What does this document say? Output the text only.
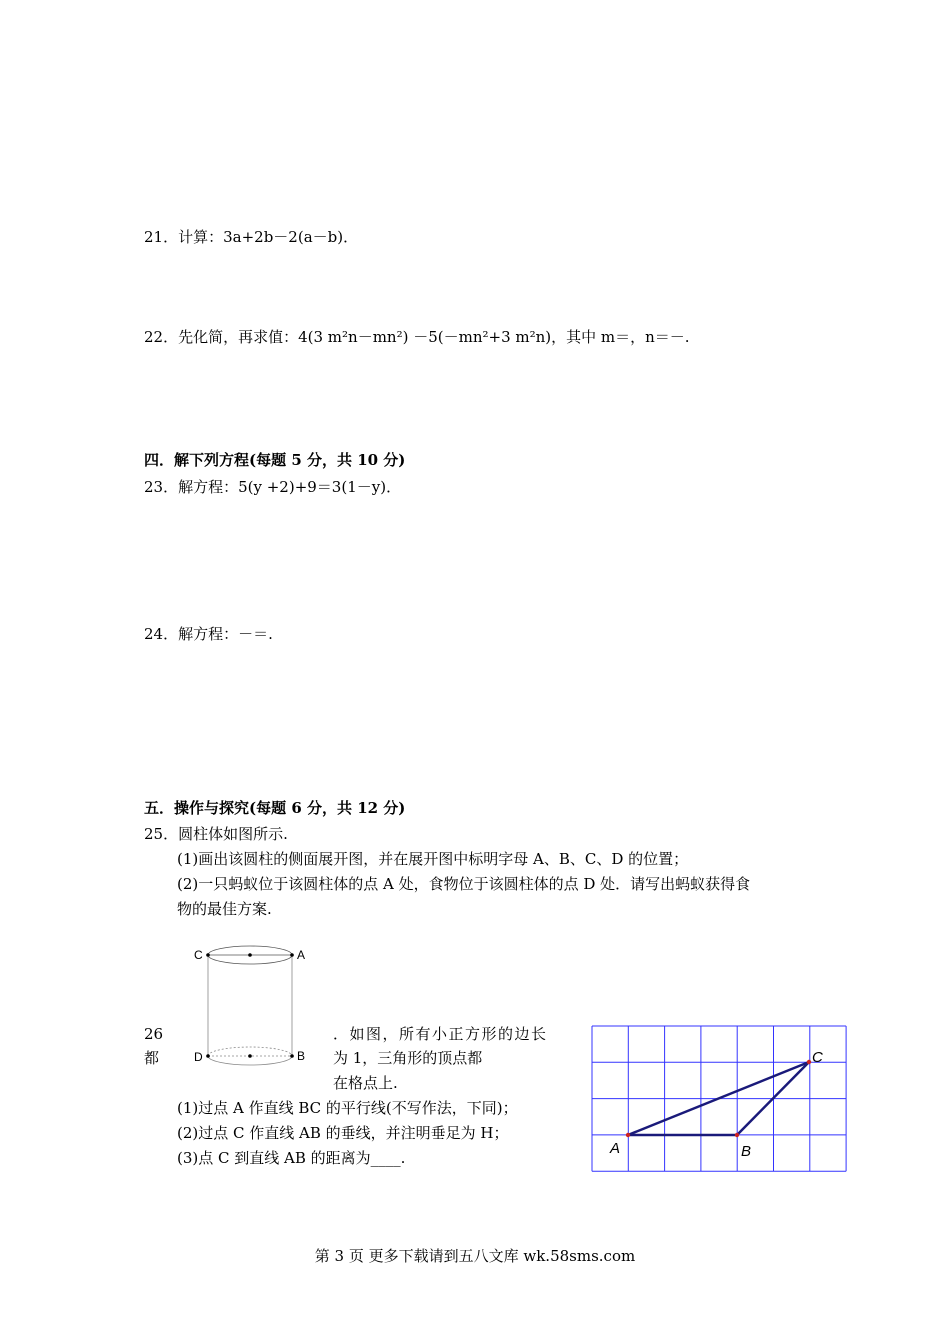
21．计算：3a+2b－2(a－b)．
22．先化简，再求值：4(3 m²n－mn²) －5(－mn²+3 m²n)，其中 m＝，n＝－.
四．解下列方程(每题 5 分，共 10 分)
23．解方程：5(y +2)+9＝3(1－y)．
24．解方程：－＝.
五．操作与探究(每题 6 分，共 12 分)
25．圆柱体如图所示.
(1)画出该圆柱的侧面展开图，并在展开图中标明字母 A、B、C、D 的位置；
(2)一只蚂蚁位于该圆柱体的点 A 处，食物位于该圆柱体的点 D 处．请写出蚂蚁获得食
物的最佳方案.
C	A
D	B
26
都
．如图，所有小正方形的边长
为 1，三角形的顶点都
在格点上.
(1)过点 A 作直线 BC 的平行线(不写作法，下同)；
(2)过点 C 作直线 AB 的垂线，并注明垂足为 H；
(3)点 C 到直线 AB 的距离为____.
A	B
C
第 3 页 更多下载请到五八文库 wk.58sms.com
